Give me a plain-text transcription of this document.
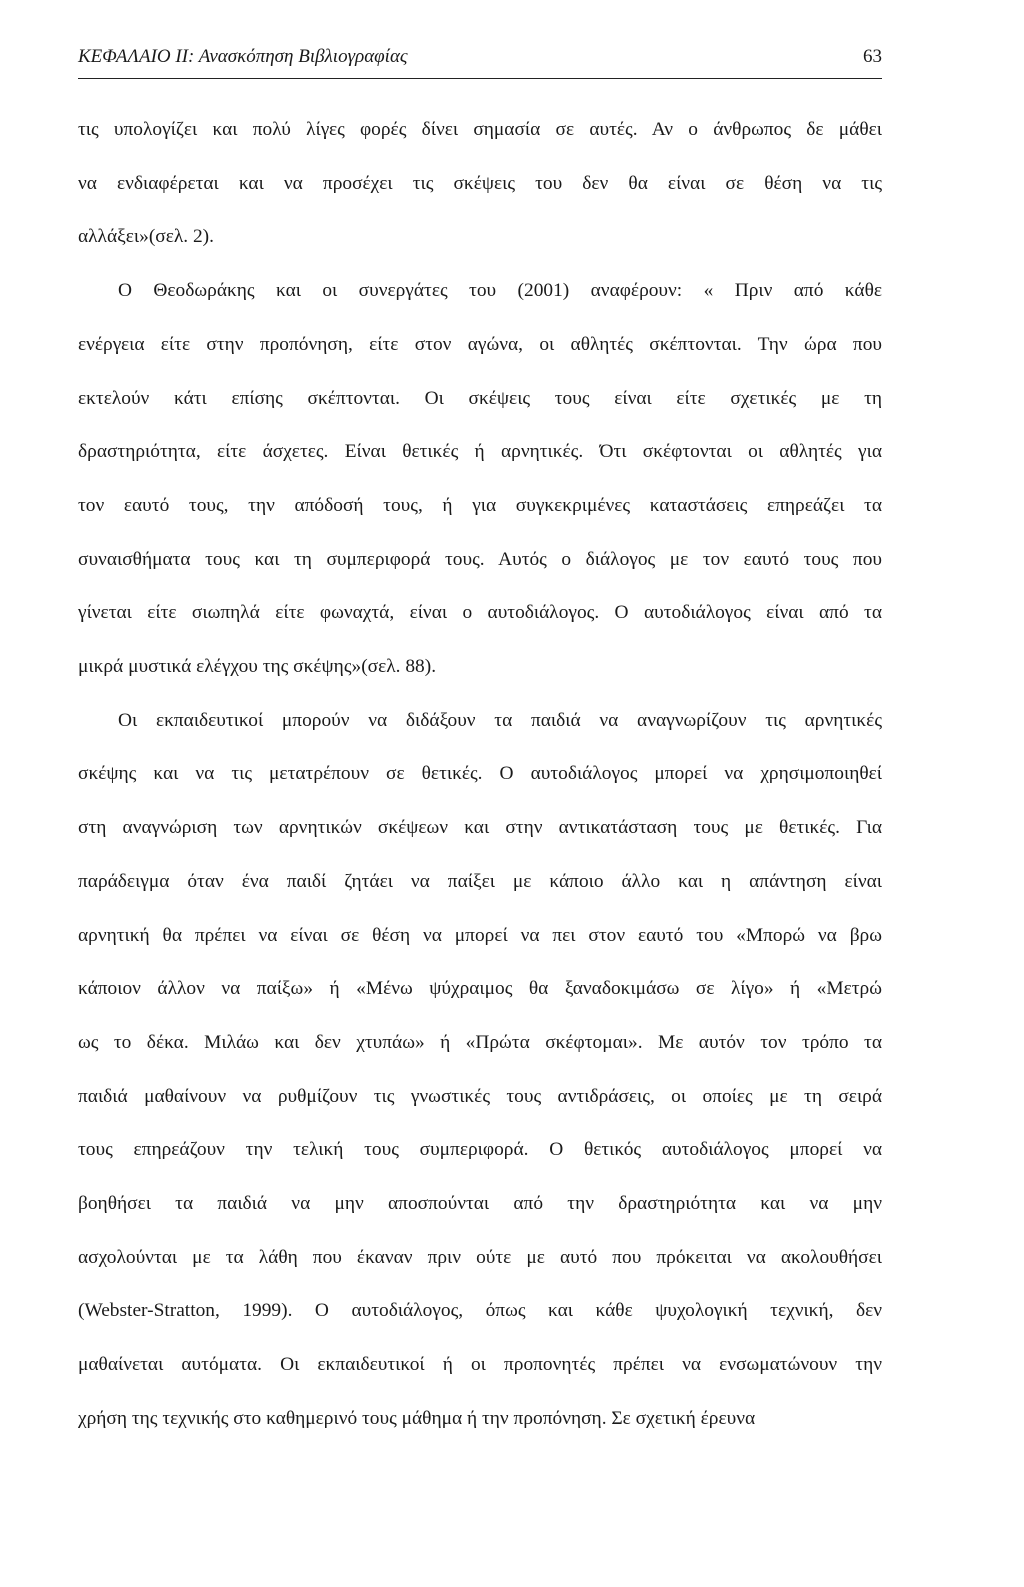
ΚΕΦΑΛΑΙΟ ΙΙ: Ανασκόπηση Βιβλιογραφίας	63
τις υπολογίζει και πολύ λίγες φορές δίνει σημασία σε αυτές. Αν ο άνθρωπος δε μάθει
να ενδιαφέρεται και να προσέχει τις σκέψεις του δεν θα είναι σε θέση να τις
αλλάξει»(σελ. 2).
Ο Θεοδωράκης και οι συνεργάτες του (2001) αναφέρουν: « Πριν από κάθε
ενέργεια είτε στην προπόνηση, είτε στον αγώνα, οι αθλητές σκέπτονται. Την ώρα που
εκτελούν κάτι επίσης σκέπτονται. Οι σκέψεις τους είναι είτε σχετικές με τη
δραστηριότητα, είτε άσχετες. Είναι θετικές ή αρνητικές. Ότι σκέφτονται οι αθλητές για
τον εαυτό τους, την απόδοσή τους, ή για συγκεκριμένες καταστάσεις επηρεάζει τα
συναισθήματα τους και τη συμπεριφορά τους. Αυτός ο διάλογος με τον εαυτό τους που
γίνεται είτε σιωπηλά είτε φωναχτά, είναι ο αυτοδιάλογος. Ο αυτοδιάλογος είναι από τα
μικρά μυστικά ελέγχου της σκέψης»(σελ. 88).
Οι εκπαιδευτικοί μπορούν να διδάξουν τα παιδιά να αναγνωρίζουν τις αρνητικές
σκέψης και να τις μετατρέπουν σε θετικές. Ο αυτοδιάλογος μπορεί να χρησιμοποιηθεί
στη αναγνώριση των αρνητικών σκέψεων και στην αντικατάσταση τους με θετικές. Για
παράδειγμα όταν ένα παιδί ζητάει να παίξει με κάποιο άλλο και η απάντηση είναι
αρνητική θα πρέπει να είναι σε θέση να μπορεί να πει στον εαυτό του «Μπορώ να βρω
κάποιον άλλον να παίξω» ή «Μένω ψύχραιμος θα ξαναδοκιμάσω σε λίγο» ή «Μετρώ
ως το δέκα. Μιλάω και δεν χτυπάω» ή «Πρώτα σκέφτομαι». Με αυτόν τον τρόπο τα
παιδιά μαθαίνουν να ρυθμίζουν τις γνωστικές τους αντιδράσεις, οι οποίες με τη σειρά
τους επηρεάζουν την τελική τους συμπεριφορά. Ο θετικός αυτοδιάλογος μπορεί να
βοηθήσει τα παιδιά να μην αποσπούνται από την δραστηριότητα και να μην
ασχολούνται με τα λάθη που έκαναν πριν ούτε με αυτό που πρόκειται να ακολουθήσει
(Webster-Stratton, 1999). Ο αυτοδιάλογος, όπως και κάθε ψυχολογική τεχνική, δεν
μαθαίνεται αυτόματα. Οι εκπαιδευτικοί ή οι προπονητές πρέπει να ενσωματώνουν την
χρήση της τεχνικής στο καθημερινό τους μάθημα ή την προπόνηση. Σε σχετική έρευνα
